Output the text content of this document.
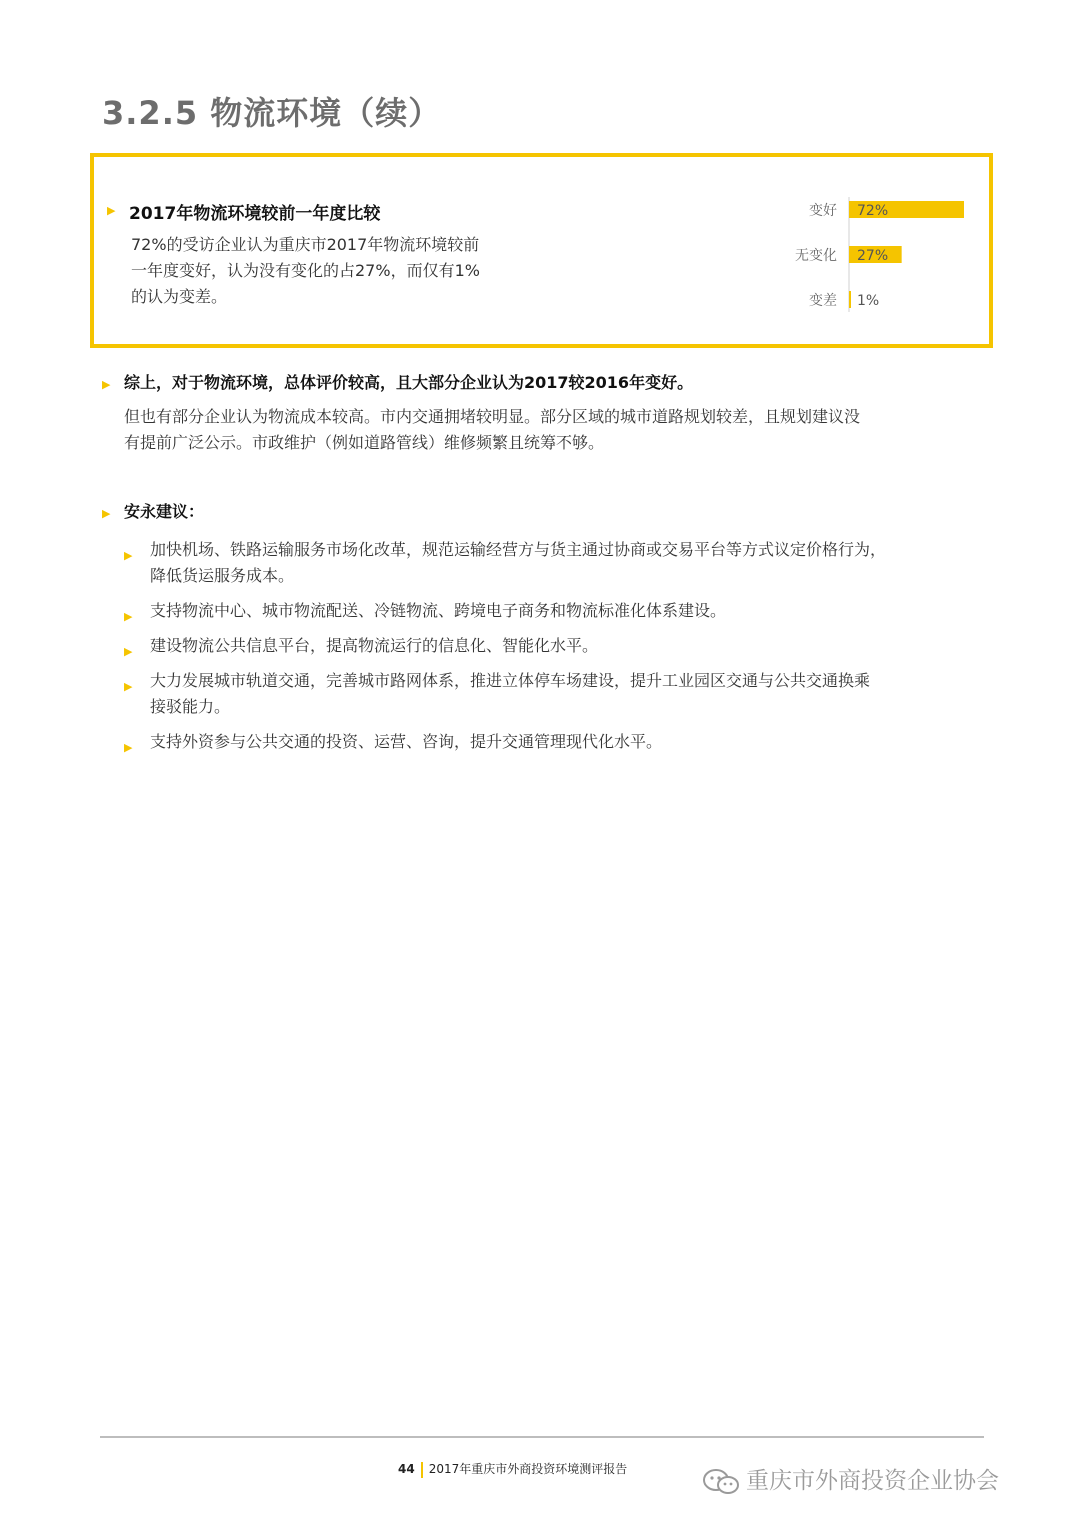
3.2.5 物流环境（续）
▶ 2017年物流环境较前一年度比较
72%的受访企业认为重庆市2017年物流环境较前
一年度变好，认为没有变化的占27%，而仅有1%
的认为变差。
变好 72%
无变化 27%
变差 1%
▶ 综上，对于物流环境，总体评价较高，且大部分企业认为2017较2016年变好。
但也有部分企业认为物流成本较高。市内交通拥堵较明显。部分区域的城市道路规划较差，且规划建议没
有提前广泛公示。市政维护（例如道路管线）维修频繁且统筹不够。
▶ 安永建议：
▶ 加快机场、铁路运输服务市场化改革，规范运输经营方与货主通过协商或交易平台等方式议定价格行为，
降低货运服务成本。
▶ 支持物流中心、城市物流配送、冷链物流、跨境电子商务和物流标准化体系建设。
▶ 建设物流公共信息平台，提高物流运行的信息化、智能化水平。
▶ 大力发展城市轨道交通，完善城市路网体系，推进立体停车场建设，提升工业园区交通与公共交通换乘
接驳能力。
▶ 支持外资参与公共交通的投资、运营、咨询，提升交通管理现代化水平。
44 2017年重庆市外商投资环境测评报告	重庆市外商投资企业协会
